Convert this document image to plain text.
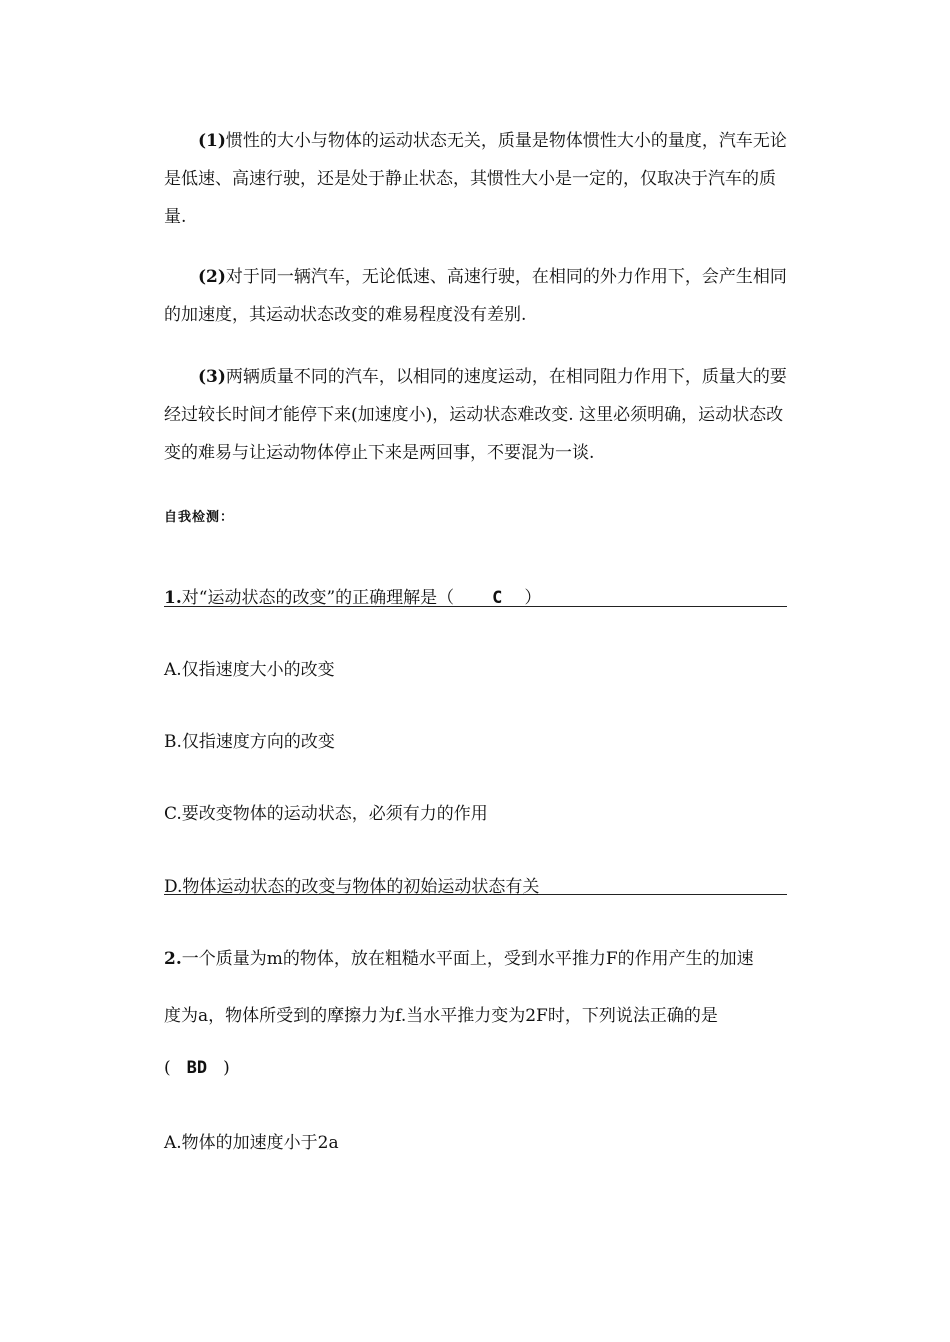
(1)惯性的大小与物体的运动状态无关，质量是物体惯性大小的量度，汽车无论是低速、高速行驶，还是处于静止状态，其惯性大小是一定的，仅取决于汽车的质量.
(2)对于同一辆汽车，无论低速、高速行驶，在相同的外力作用下，会产生相同的加速度，其运动状态改变的难易程度没有差别.
(3)两辆质量不同的汽车，以相同的速度运动，在相同阻力作用下，质量大的要经过较长时间才能停下来(加速度小)，运动状态难改变. 这里必须明确，运动状态改变的难易与让运动物体停止下来是两回事，不要混为一谈.
自我检测：
1.对“运动状态的改变”的正确理解是（ C ）
A.仅指速度大小的改变
B.仅指速度方向的改变
C.要改变物体的运动状态，必须有力的作用
D.物体运动状态的改变与物体的初始运动状态有关
2.一个质量为m的物体，放在粗糙水平面上，受到水平推力F的作用产生的加速
度为a，物体所受到的摩擦力为f.当水平推力变为2F时，下列说法正确的是
( BD )
A.物体的加速度小于2a
